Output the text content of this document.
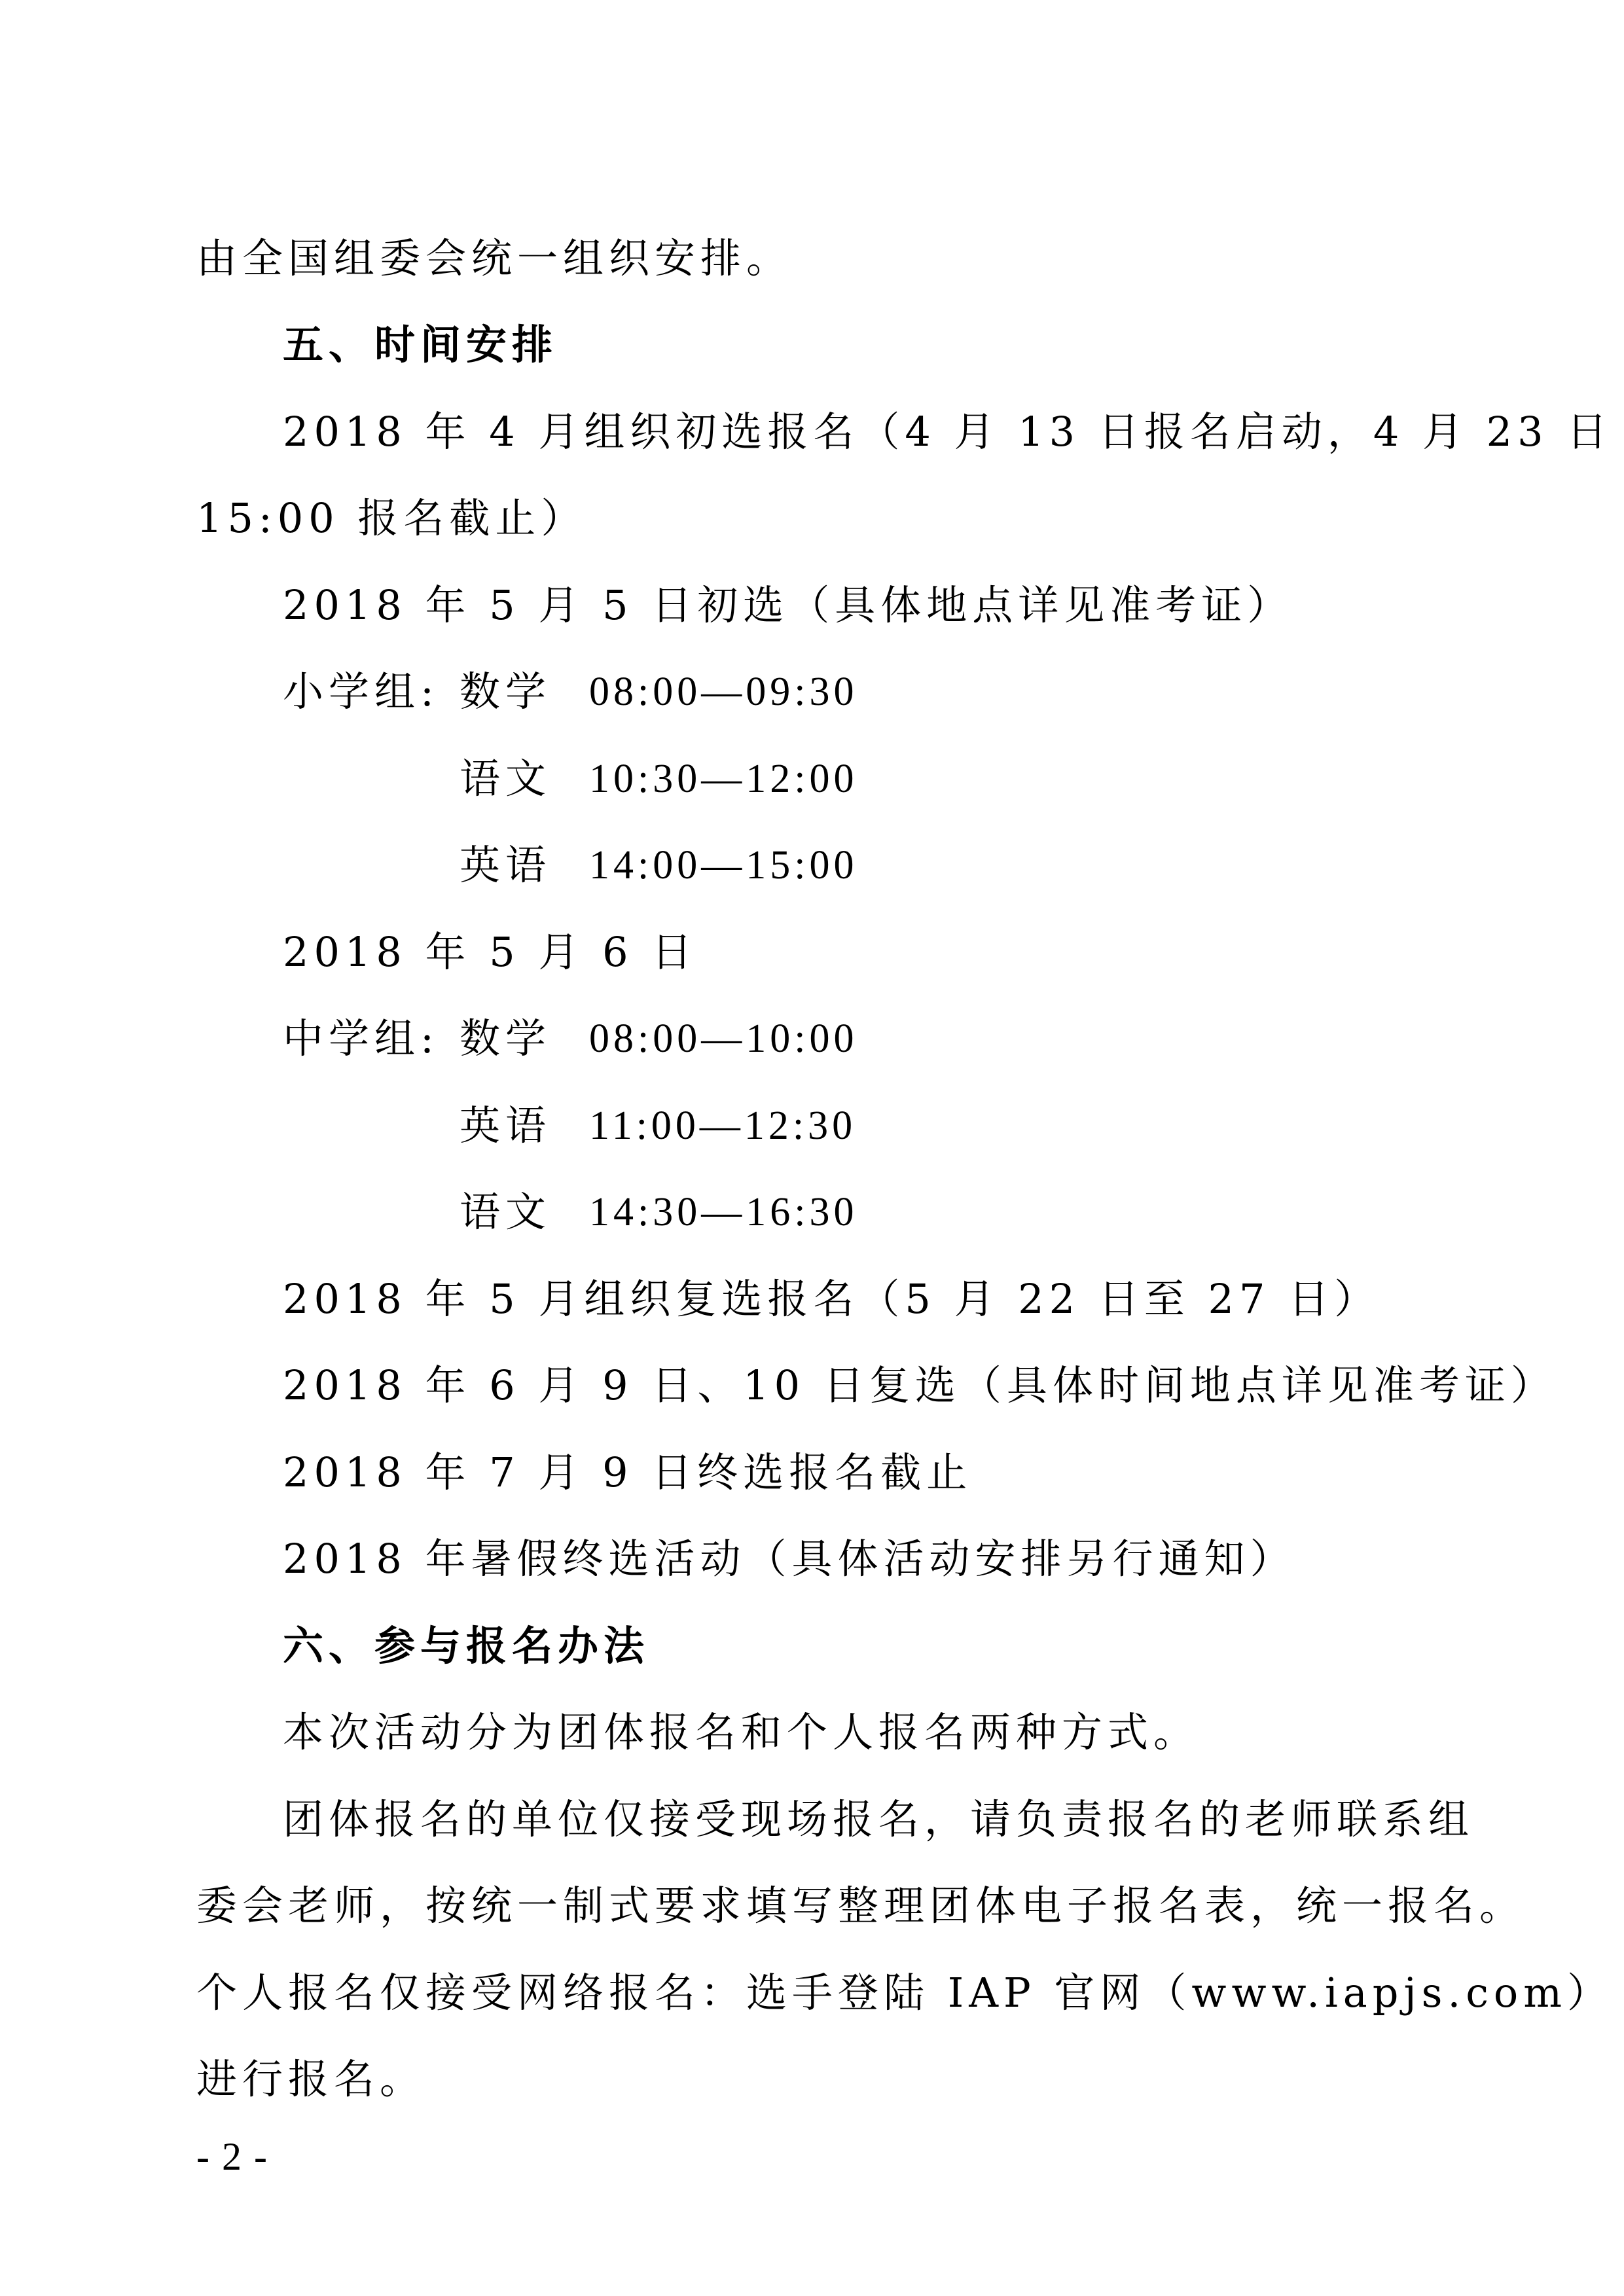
由全国组委会统一组织安排。
五、时间安排
2018 年 4 月组织初选报名（4 月 13 日报名启动，4 月 23 日
15:00 报名截止）
2018 年 5 月 5 日初选（具体地点详见准考证）
小学组: 数学 08:00—09:30
语文 10:30—12:00
英语 14:00—15:00
2018 年 5 月 6 日
中学组: 数学 08:00—10:00
英语 11:00—12:30
语文 14:30—16:30
2018 年 5 月组织复选报名（5 月 22 日至 27 日）
2018 年 6 月 9 日、10 日复选（具体时间地点详见准考证）
2018 年 7 月 9 日终选报名截止
2018 年暑假终选活动（具体活动安排另行通知）
六、参与报名办法
本次活动分为团体报名和个人报名两种方式。
团体报名的单位仅接受现场报名，请负责报名的老师联系组
委会老师，按统一制式要求填写整理团体电子报名表，统一报名。
个人报名仅接受网络报名：选手登陆 IAP 官网（www.iapjs.com）
进行报名。
- 2 -
